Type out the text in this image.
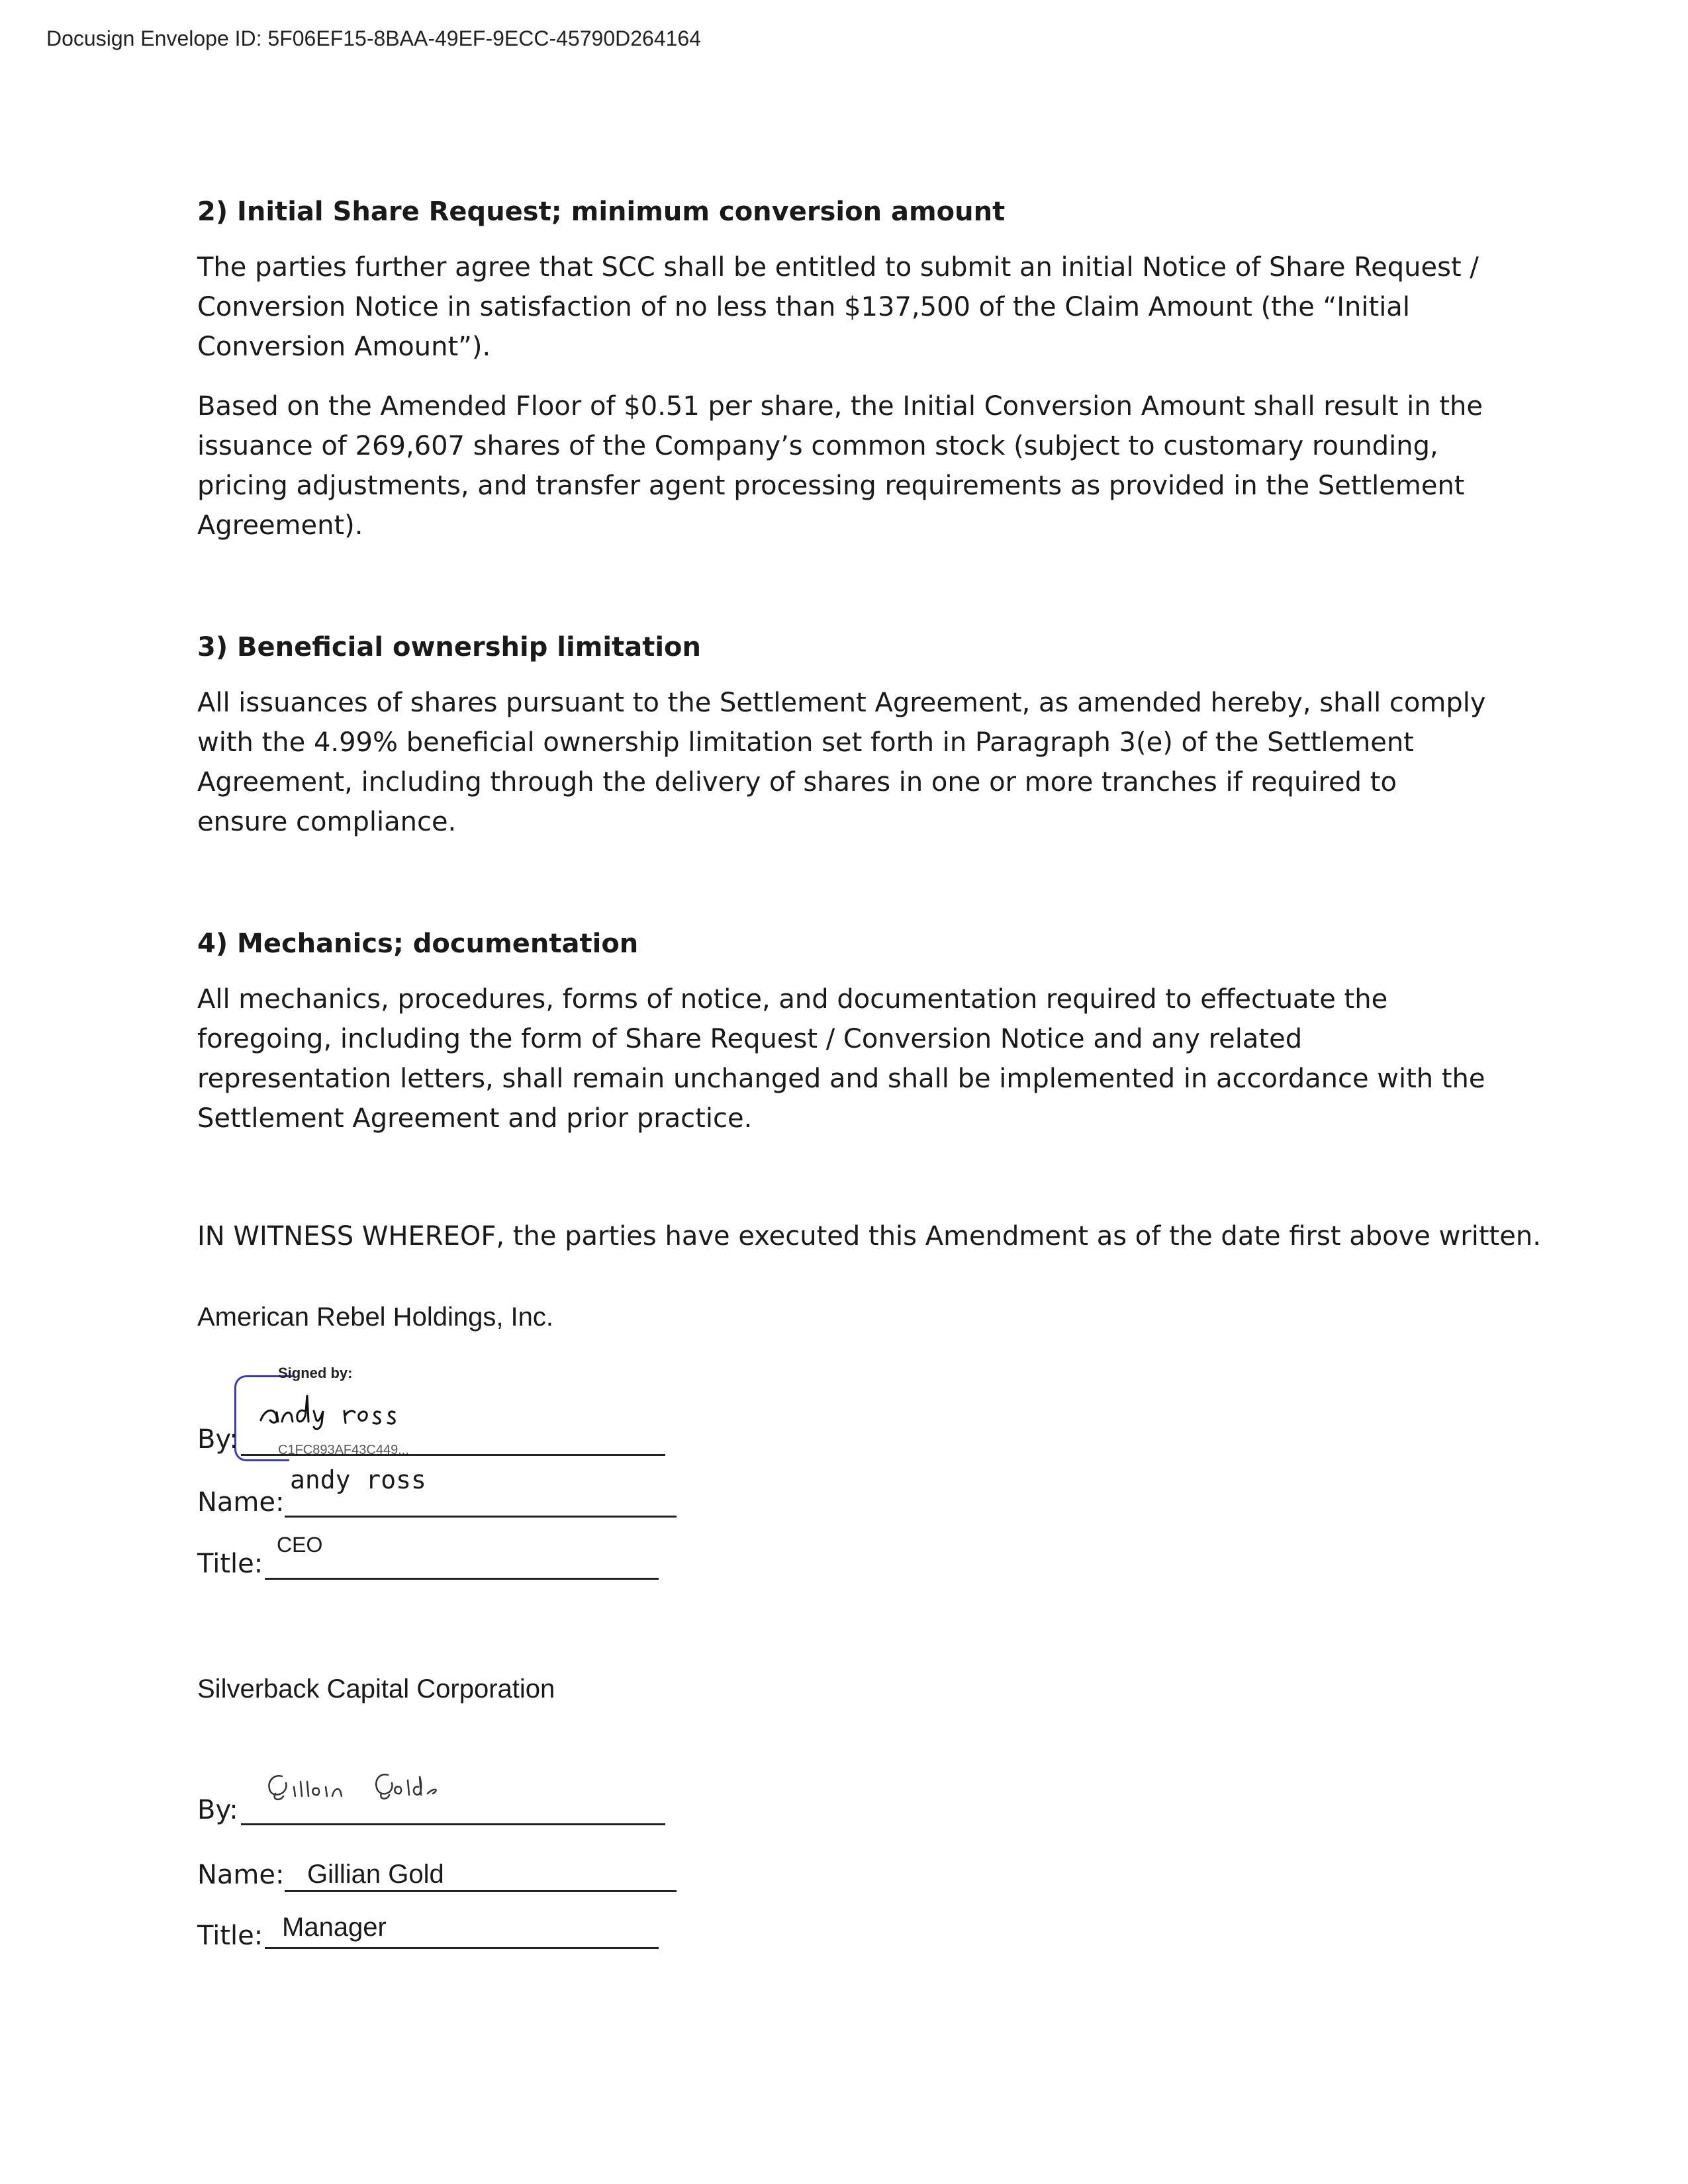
Docusign Envelope ID: 5F06EF15-8BAA-49EF-9ECC-45790D264164
2) Initial Share Request; minimum conversion amount

The parties further agree that SCC shall be entitled to submit an initial Notice of Share Request / Conversion Notice in satisfaction of no less than $137,500 of the Claim Amount (the “Initial Conversion Amount”).

Based on the Amended Floor of $0.51 per share, the Initial Conversion Amount shall result in the issuance of 269,607 shares of the Company’s common stock (subject to customary rounding, pricing adjustments, and transfer agent processing requirements as provided in the Settlement Agreement).

3) Beneficial ownership limitation

All issuances of shares pursuant to the Settlement Agreement, as amended hereby, shall comply with the 4.99% beneficial ownership limitation set forth in Paragraph 3(e) of the Settlement Agreement, including through the delivery of shares in one or more tranches if required to ensure compliance.

4) Mechanics; documentation

All mechanics, procedures, forms of notice, and documentation required to effectuate the foregoing, including the form of Share Request / Conversion Notice and any related representation letters, shall remain unchanged and shall be implemented in accordance with the Settlement Agreement and prior practice.

IN WITNESS WHEREOF, the parties have executed this Amendment as of the date first above written.

American Rebel Holdings, Inc.
Signed by:
By:	C1FC893AF43C449...
Name:
andy ross
Title:
CEO
Silverback Capital Corporation
By:
Name: Gillian Gold
Title: Manager
